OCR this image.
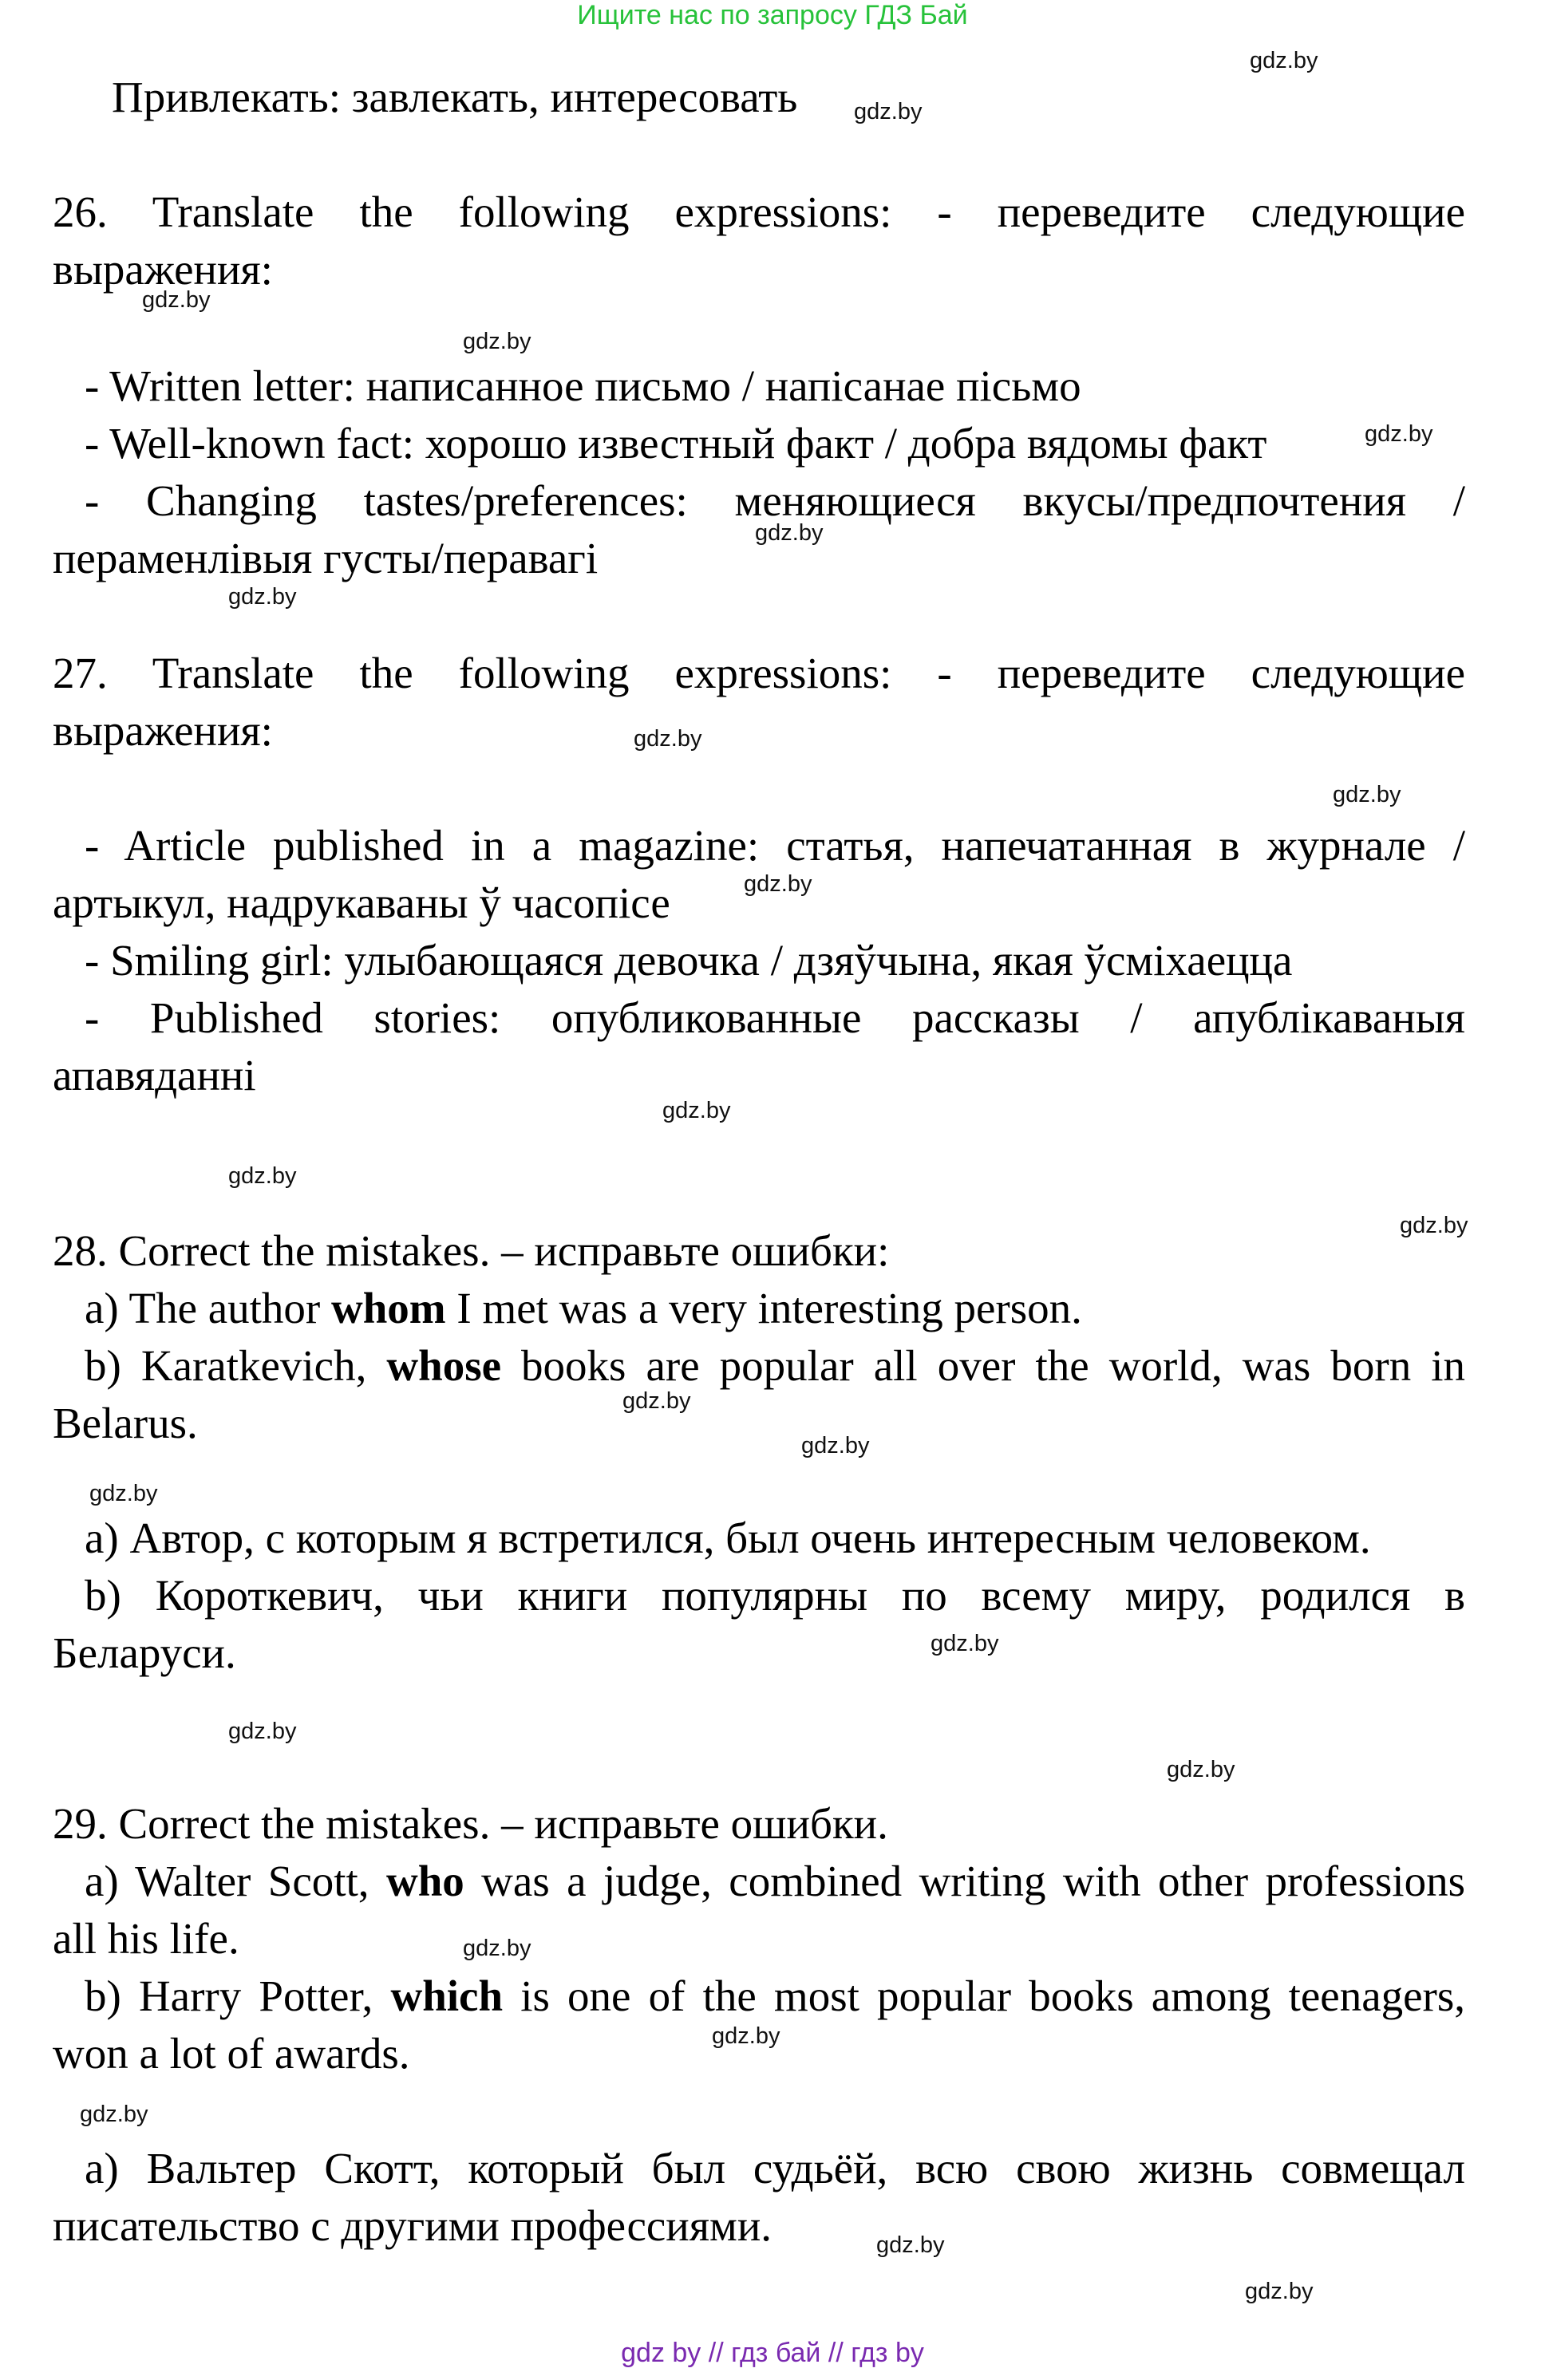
Ищите нас по запросу ГДЗ Бай
Привлекать: завлекать, интересовать
26. Translate the following expressions: - переведите следующие
выражения:
- Written letter: написанное письмо / напісанае пісьмо
- Well-known fact: хорошо известный факт / добра вядомы факт
- Changing tastes/preferences: меняющиеся вкусы/предпочтения /
пераменлівыя густы/перавагі
27. Translate the following expressions: - переведите следующие
выражения:
- Article published in a magazine: статья, напечатанная в журнале /
артыкул, надрукаваны ў часопісе
- Smiling girl: улыбающаяся девочка / дзяўчына, якая ўсміхаецца
- Published stories: опубликованные рассказы / апублікаваныя
апавяданні
28. Correct the mistakes. – исправьте ошибки:
a) The author whom I met was a very interesting person.
b) Karatkevich, whose books are popular all over the world, was born in
Belarus.
a) Автор, с которым я встретился, был очень интересным человеком.
b) Короткевич, чьи книги популярны по всему миру, родился в
Беларуси.
29. Correct the mistakes. – исправьте ошибки.
a) Walter Scott, who was a judge, combined writing with other professions
all his life.
b) Harry Potter, which is one of the most popular books among teenagers,
won a lot of awards.
a) Вальтер Скотт, который был судьёй, всю свою жизнь совмещал
писательство с другими профессиями.
gdz.by
gdz.by
gdz.by
gdz.by
gdz.by
gdz.by
gdz.by
gdz.by
gdz.by
gdz.by
gdz.by
gdz.by
gdz.by
gdz.by
gdz.by
gdz.by
gdz.by
gdz.by
gdz.by
gdz.by
gdz.by
gdz.by
gdz.by
gdz.by
gdz by // гдз бай // гдз by
